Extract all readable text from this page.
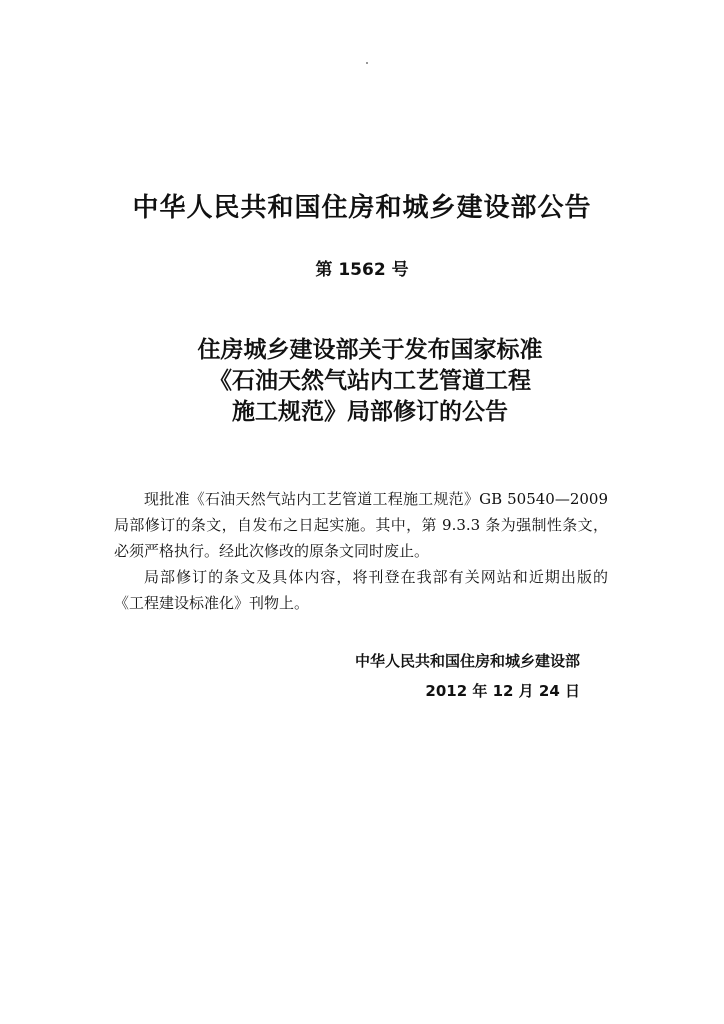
中华人民共和国住房和城乡建设部公告
第 1562 号
住房城乡建设部关于发布国家标准
《石油天然气站内工艺管道工程
施工规范》局部修订的公告

现批准《石油天然气站内工艺管道工程施工规范》GB 50540—2009 局部修订的条文，自发布之日起实施。其中，第 9.3.3 条为强制性条文，必须严格执行。经此次修改的原条文同时废止。

局部修订的条文及具体内容，将刊登在我部有关网站和近期出版的《工程建设标准化》刊物上。

中华人民共和国住房和城乡建设部
2012 年 12 月 24 日
